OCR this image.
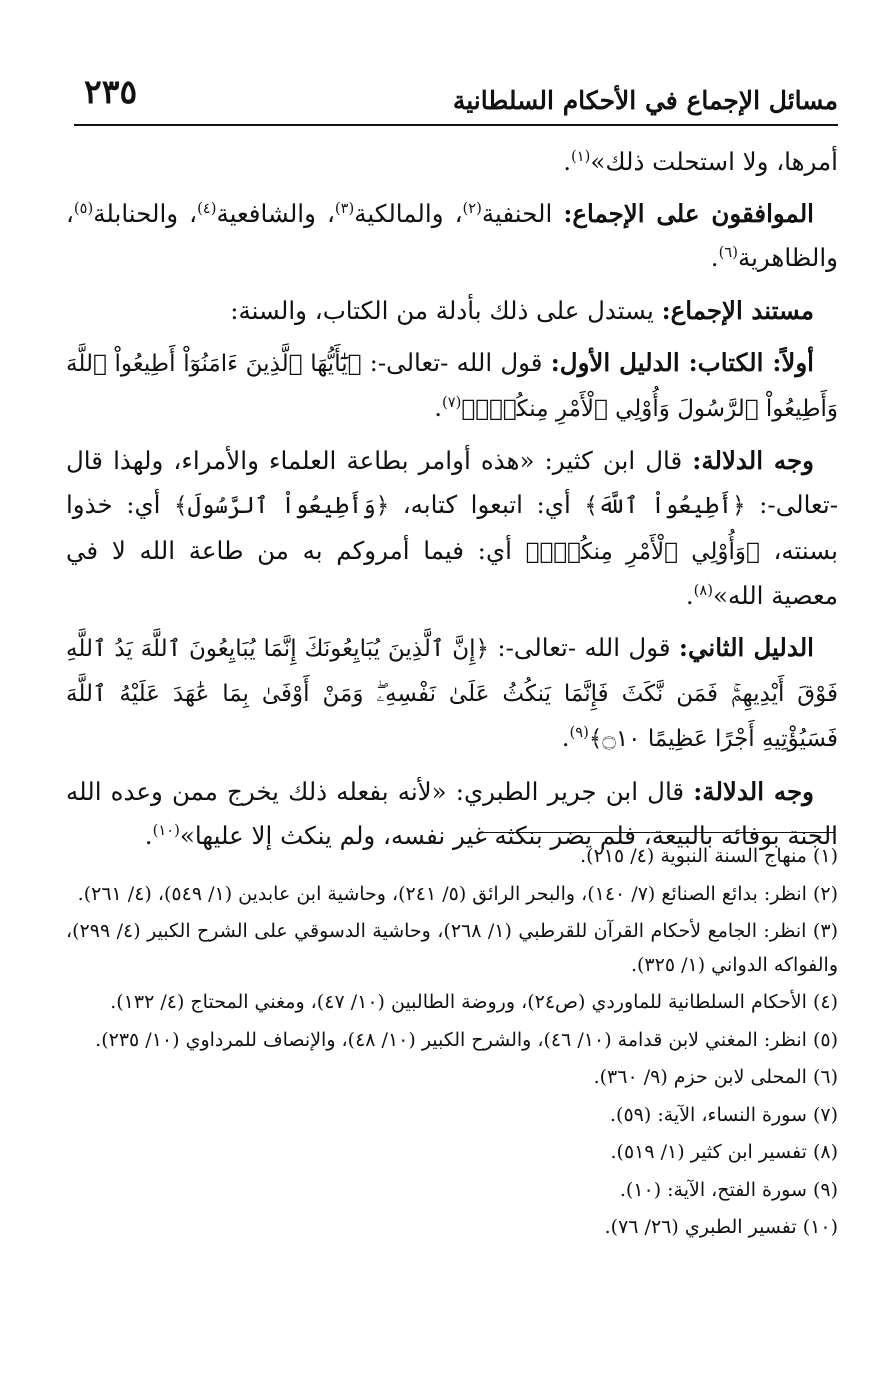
مسائل الإجماع في الأحكام السلطانية
٢٣٥

أمرها، ولا استحلت ذلك»$^{(١)}$.

الموافقون على الإجماع: الحنفية$^{(٢)}$، والمالكية$^{(٣)}$، والشافعية$^{(٤)}$، والحنابلة$^{(٥)}$، والظاهرية$^{(٦)}$.

مستند الإجماع: يستدل على ذلك بأدلة من الكتاب، والسنة:

أولاً: الكتاب: الدليل الأول: قول الله -تعالى-: ﴿يَٰٓأَيُّهَا ٱلَّذِينَ ءَامَنُوٓاْ أَطِيعُواْ ٱللَّهَ وَأَطِيعُواْ ٱلرَّسُولَ وَأُوْلِي ٱلْأَمْرِ مِنكُمْۖ﴾$^{(٧)}$.

وجه الدلالة: قال ابن كثير: «هذه أوامر بطاعة العلماء والأمراء، ولهذا قال -تعالى-: ﴿أَطِيعُواْ ٱللَّهَ﴾ أي: اتبعوا كتابه، ﴿وَأَطِيعُواْ ٱلرَّسُولَ﴾ أي: خذوا بسنته، ﴿وَأُوْلِي ٱلْأَمْرِ مِنكُمْۖ﴾ أي: فيما أمروكم به من طاعة الله لا في معصية الله»$^{(٨)}$.

الدليل الثاني: قول الله -تعالى-: ﴿إِنَّ ٱلَّذِينَ يُبَايِعُونَكَ إِنَّمَا يُبَايِعُونَ ٱللَّهَ يَدُ ٱللَّهِ فَوْقَ أَيْدِيهِمْۚ فَمَن نَّكَثَ فَإِنَّمَا يَنكُثُ عَلَىٰ نَفْسِهِۦۖ وَمَنْ أَوْفَىٰ بِمَا عَٰهَدَ عَلَيْهُ ٱللَّهَ فَسَيُؤْتِيهِ أَجْرًا عَظِيمًا ۝١٠﴾$^{(٩)}$.

وجه الدلالة: قال ابن جرير الطبري: «لأنه بفعله ذلك يخرج ممن وعده الله الجنة بوفائه بالبيعة، فلم يضر بنكثه غير نفسه، ولم ينكث إلا عليها»$^{(١٠)}$.

(١) منهاج السنة النبوية (٤/ ٢١٥).

(٢) انظر: بدائع الصنائع (٧/ ١٤٠)، والبحر الرائق (٥/ ٢٤١)، وحاشية ابن عابدين (١/ ٥٤٩)، (٤/ ٢٦١).

(٣) انظر: الجامع لأحكام القرآن للقرطبي (١/ ٢٦٨)، وحاشية الدسوقي على الشرح الكبير (٤/ ٢٩٩)، والفواكه الدواني (١/ ٣٢٥).

(٤) الأحكام السلطانية للماوردي (ص٢٤)، وروضة الطالبين (١٠/ ٤٧)، ومغني المحتاج (٤/ ١٣٢).

(٥) انظر: المغني لابن قدامة (١٠/ ٤٦)، والشرح الكبير (١٠/ ٤٨)، والإنصاف للمرداوي (١٠/ ٢٣٥).

(٦) المحلى لابن حزم (٩/ ٣٦٠).

(٧) سورة النساء، الآية: (٥٩).

(٨) تفسير ابن كثير (١/ ٥١٩).

(٩) سورة الفتح، الآية: (١٠).

(١٠) تفسير الطبري (٢٦/ ٧٦).
